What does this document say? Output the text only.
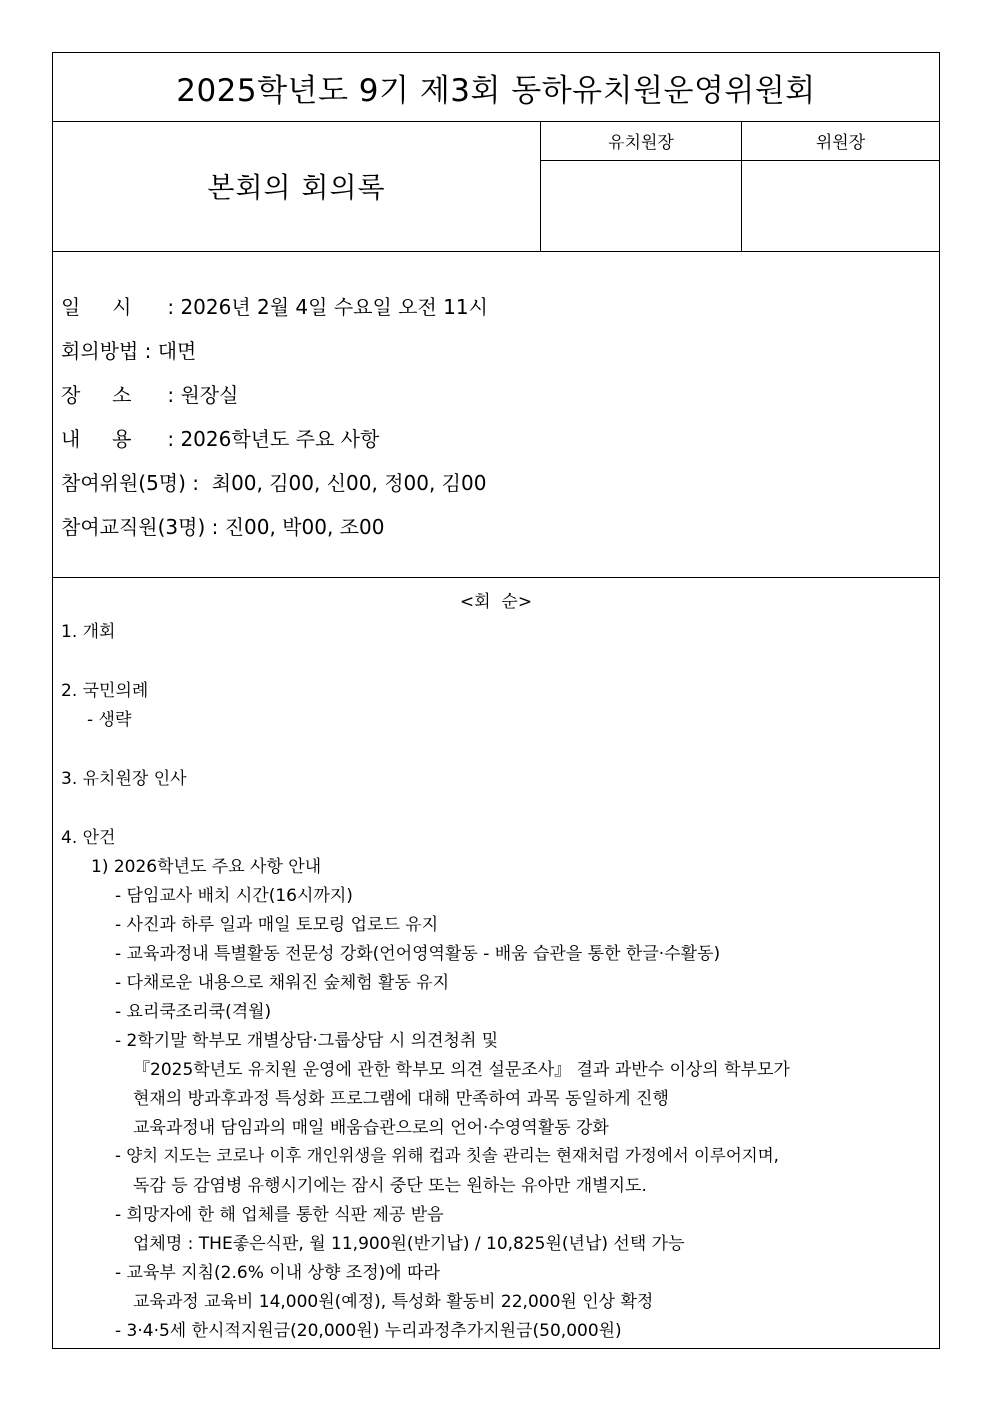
2025학년도 9기 제3회 동하유치원운영위원회
본회의 회의록
유치원장	위원장
일     시 : 2026년 2월 4일 수요일 오전 11시
회의방법 : 대면
장     소 : 원장실
내     용 : 2026학년도 주요 사항
참여위원(5명) :  최00, 김00, 신00, 정00, 김00
참여교직원(3명) : 진00, 박00, 조00
<회  순>
1. 개회
2. 국민의례
- 생략
3. 유치원장 인사
4. 안건
1) 2026학년도 주요 사항 안내
- 담임교사 배치 시간(16시까지)
- 사진과 하루 일과 매일 토모링 업로드 유지
- 교육과정내 특별활동 전문성 강화(언어영역활동 - 배움 습관을 통한 한글·수활동)
- 다채로운 내용으로 채워진 숲체험 활동 유지
- 요리쿡조리쿡(격월)
- 2학기말 학부모 개별상담·그룹상담 시 의견청취 및
『2025학년도 유치원 운영에 관한 학부모 의견 설문조사』 결과 과반수 이상의 학부모가
현재의 방과후과정 특성화 프로그램에 대해 만족하여 과목 동일하게 진행
교육과정내 담임과의 매일 배움습관으로의 언어·수영역활동 강화
- 양치 지도는 코로나 이후 개인위생을 위해 컵과 칫솔 관리는 현재처럼 가정에서 이루어지며,
독감 등 감염병 유행시기에는 잠시 중단 또는 원하는 유아만 개별지도.
- 희망자에 한 해 업체를 통한 식판 제공 받음
업체명 : THE좋은식판, 월 11,900원(반기납) / 10,825원(년납) 선택 가능
- 교육부 지침(2.6% 이내 상향 조정)에 따라
교육과정 교육비 14,000원(예정), 특성화 활동비 22,000원 인상 확정
- 3·4·5세 한시적지원금(20,000원) 누리과정추가지원금(50,000원)
